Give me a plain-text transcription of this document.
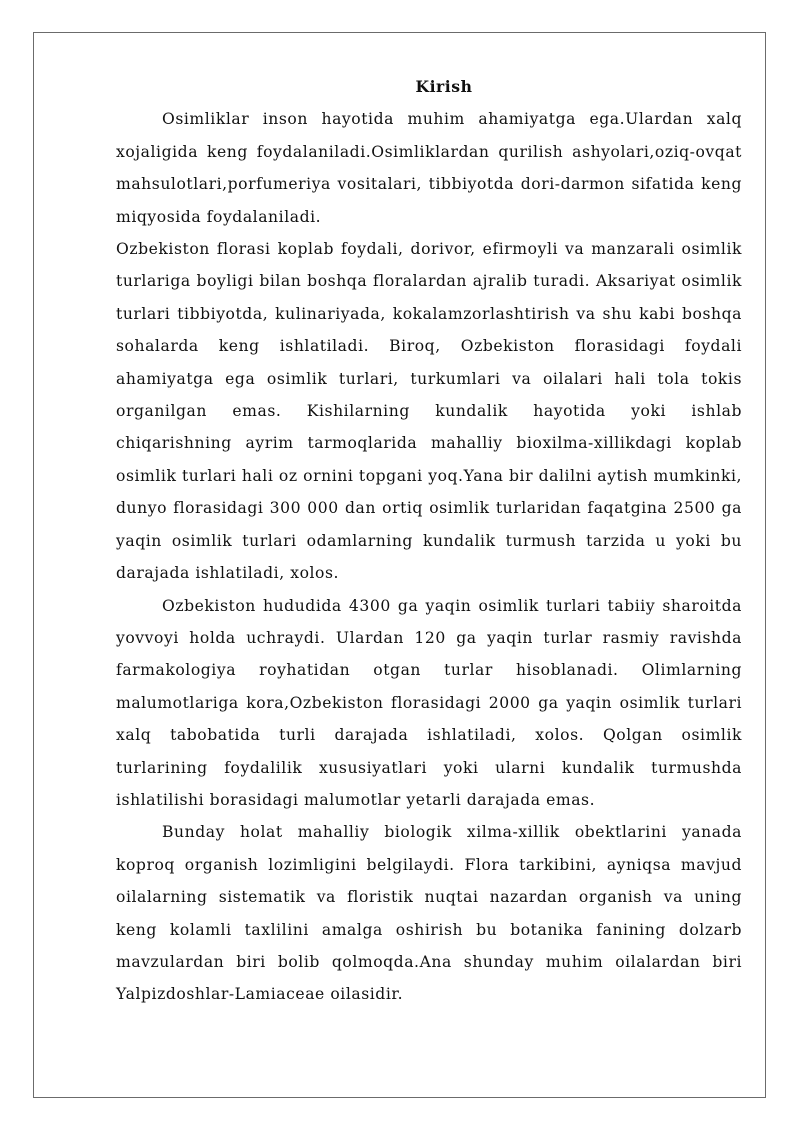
Kirish

Osimliklar inson hayotida muhim ahamiyatga ega.Ulardan xalq xojaligida keng foydalaniladi.Osimliklardan qurilish ashyolari,oziq-ovqat mahsulotlari,porfumeriya vositalari, tibbiyotda dori-darmon sifatida keng miqyosida foydalaniladi.

Ozbekiston florasi koplab foydali, dorivor, efirmoyli va manzarali osimlik turlariga boyligi bilan boshqa floralardan ajralib turadi. Aksariyat osimlik turlari tibbiyotda, kulinariyada, kokalamzorlashtirish va shu kabi boshqa sohalarda keng ishlatiladi. Biroq, Ozbekiston florasidagi foydali ahamiyatga ega osimlik turlari, turkumlari va oilalari hali tola tokis organilgan emas. Kishilarning kundalik hayotida yoki ishlab chiqarishning ayrim tarmoqlarida mahalliy bioxilma-xillikdagi koplab osimlik turlari hali oz ornini topgani yoq.Yana bir dalilni aytish mumkinki, dunyo florasidagi 300 000 dan ortiq osimlik turlaridan faqatgina 2500 ga yaqin osimlik turlari odamlarning kundalik turmush tarzida u yoki bu darajada ishlatiladi, xolos.

Ozbekiston hududida 4300 ga yaqin osimlik turlari tabiiy sharoitda yovvoyi holda uchraydi. Ulardan 120 ga yaqin turlar rasmiy ravishda farmakologiya royhatidan otgan turlar hisoblanadi. Olimlarning malumotlariga kora,Ozbekiston florasidagi 2000 ga yaqin osimlik turlari xalq tabobatida turli darajada ishlatiladi, xolos. Qolgan osimlik turlarining foydalilik xususiyatlari yoki ularni kundalik turmushda ishlatilishi borasidagi malumotlar yetarli darajada emas.

Bunday holat mahalliy biologik xilma-xillik obektlarini yanada koproq organish lozimligini belgilaydi. Flora tarkibini, ayniqsa mavjud oilalarning sistematik va floristik nuqtai nazardan organish va uning keng kolamli taxlilini amalga oshirish bu botanika fanining dolzarb mavzulardan biri bolib qolmoqda.Ana shunday muhim oilalardan biri Yalpizdoshlar-Lamiaceae oilasidir.
